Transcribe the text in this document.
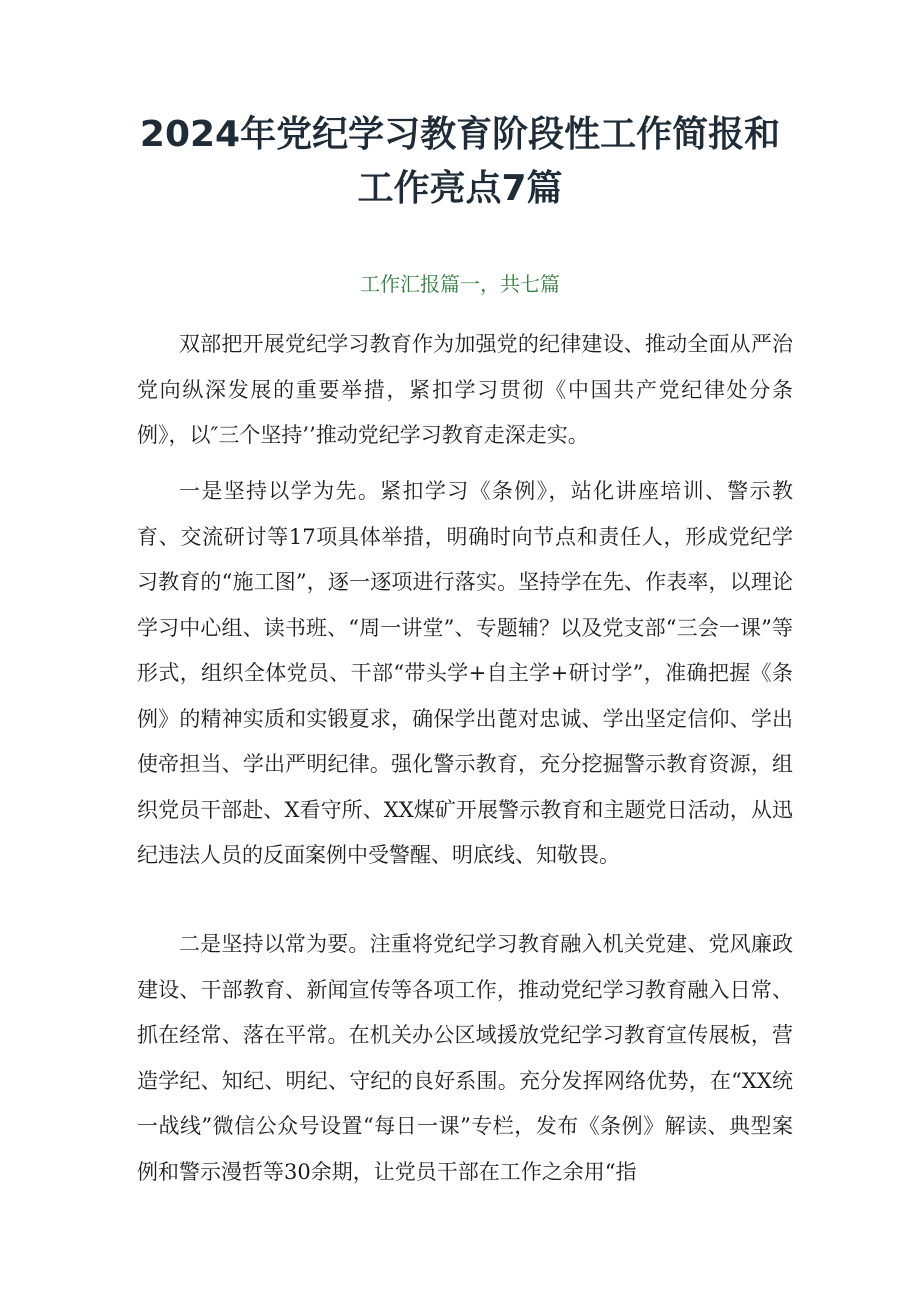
2024年党纪学习教育阶段性工作简报和工作亮点7篇
工作汇报篇一，共七篇

双部把开展党纪学习教育作为加强党的纪律建设、推动全面从严治党向纵深发展的重要举措，紧扣学习贯彻《中国共产党纪律处分条例》，以″三个坚持’’推动党纪学习教育走深走实。

一是坚持以学为先。紧扣学习《条例》，站化讲座培训、警示教育、交流研讨等17项具体举措，明确时向节点和责任人，形成党纪学习教育的“施工图”，逐一逐项进行落实。坚持学在先、作表率，以理论学习中心组、读书班、“周一讲堂”、专题辅？以及党支部“三会一课”等形式，组织全体党员、干部“带头学+自主学+研讨学”，准确把握《条例》的精神实质和实锻夏求，确保学出蓖对忠诚、学出坚定信仰、学出使帝担当、学出严明纪律。强化警示教育，充分挖掘警示教育资源，组织党员干部赴、X看守所、XX煤矿开展警示教育和主题党日活动，从迅纪违法人员的反面案例中受警醒、明底线、知敬畏。

二是坚持以常为要。注重将党纪学习教育融入机关党建、党风廉政建设、干部教育、新闻宣传等各项工作，推动党纪学习教育融入日常、抓在经常、落在平常。在机关办公区域援放党纪学习教育宣传展板，营造学纪、知纪、明纪、守纪的良好系围。充分发挥网络优势，在“XX统一战线”微信公众号设置“每日一课”专栏，发布《条例》解读、典型案例和警示漫哲等30余期，让党员干部在工作之余用“指
